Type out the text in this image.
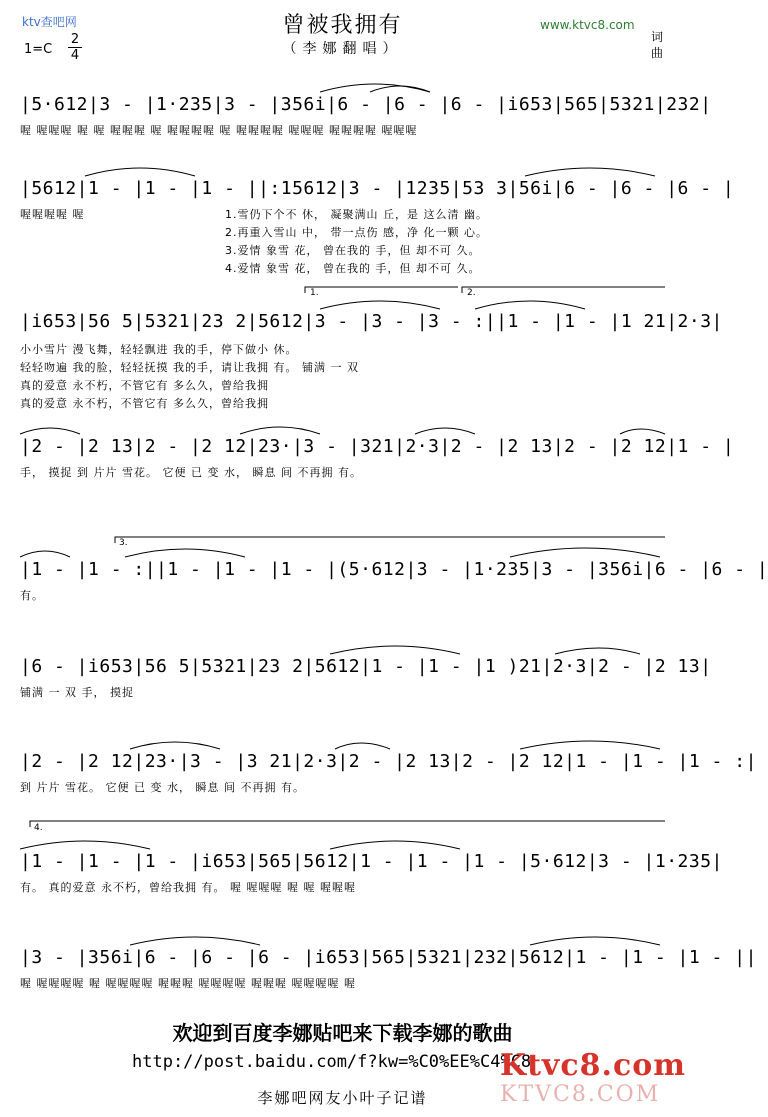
ktv查吧网	www.ktvc8.com
曾被我拥有
（李娜翻唱）
$1=C \frac{2}{4}$	词
曲
|5·612|3 - |1·235|3 - |356i|6 - |6 - |6 - |i653|565|5321|232|
喔 喔喔喔 喔 喔 喔喔喔 喔 喔喔喔喔 喔 喔喔喔喔 喔喔喔 喔喔喔喔 喔喔喔
|5612|1 - |1 - |1 - ||:15612|3 - |1235|53 3|56i|6 - |6 - |6 - |
喔喔喔喔 喔	1.雪仍下个不 休， 凝聚满山 丘，是 这么清 幽。
2.再重入雪山 中， 带一点伤 感，净 化一颗 心。
3.爱情 象雪 花， 曾在我的 手，但 却不可 久。
4.爱情 象雪 花， 曾在我的 手，但 却不可 久。
1.	2.
|i653|56 5|5321|23 2|5612|3 - |3 - |3 - :||1 - |1 - |1 21|2·3|
小小雪片 漫飞舞，轻轻飘进 我的手，停下做小 休。
轻轻吻遍 我的脸，轻轻抚摸 我的手，请让我拥 有。 铺满 一 双
真的爱意 永不朽，不管它有 多么久，曾给我拥
真的爱意 永不朽，不管它有 多么久，曾给我拥
|2 - |2 13|2 - |2 12|23·|3 - |321|2·3|2 - |2 13|2 - |2 12|1 - |
手， 摸捉 到 片片 雪花。 它便 已 变 水， 瞬息 间 不再拥 有。
3.
|1 - |1 - :||1 - |1 - |1 - |(5·612|3 - |1·235|3 - |356i|6 - |6 - |
有。
|6 - |i653|56 5|5321|23 2|5612|1 - |1 - |1 )21|2·3|2 - |2 13|
铺满 一 双 手， 摸捉
|2 - |2 12|23·|3 - |3 21|2·3|2 - |2 13|2 - |2 12|1 - |1 - |1 - :|
到 片片 雪花。 它便 已 变 水， 瞬息 间 不再拥 有。
4.
|1 - |1 - |1 - |i653|565|5612|1 - |1 - |1 - |5·612|3 - |1·235|
有。 真的爱意 永不朽，曾给我拥 有。 喔 喔喔喔 喔 喔 喔喔喔
|3 - |356i|6 - |6 - |6 - |i653|565|5321|232|5612|1 - |1 - |1 - ||
喔 喔喔喔喔 喔 喔喔喔喔 喔喔喔 喔喔喔喔 喔喔喔 喔喔喔喔 喔
欢迎到百度李娜贴吧来下载李娜的歌曲
http://post.baidu.com/f?kw=%C0%EE%C4%C8
Ktvc8.com
KTVC8.COM
李娜吧网友小叶子记谱
